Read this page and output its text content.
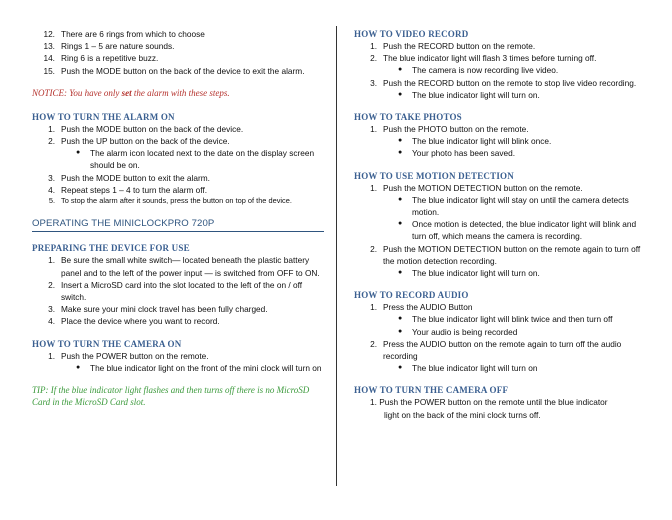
12. There are 6 rings from which to choose
13. Rings 1 – 5 are nature sounds.
14. Ring 6 is a repetitive buzz.
15. Push the MODE button on the back of the device to exit the alarm.
NOTICE: You have only set the alarm with these steps.
HOW TO TURN THE ALARM ON
1. Push the MODE button on the back of the device.
2. Push the UP button on the back of the device.
●	The alarm icon located next to the date on the display screen should be on.
3. Push the MODE button to exit the alarm.
4. Repeat steps 1 – 4 to turn the alarm off.
5. To stop the alarm after it sounds, press the button on top of the device.
OPERATING THE MINICLOCKPRO 720P
PREPARING THE DEVICE FOR USE
1. Be sure the small white switch— located beneath the plastic battery panel and to the left of the power input — is switched from OFF to ON.
2. Insert a MicroSD card into the slot located to the left of the on / off switch.
3. Make sure your mini clock travel has been fully charged.
4. Place the device where you want to record.
HOW TO TURN THE CAMERA ON
1. Push the POWER button on the remote.
●	The blue indicator light on the front of the mini clock will turn on
TIP: If the blue indicator light flashes and then turns off there is no MicroSD Card in the MicroSD Card slot.
HOW TO VIDEO RECORD
1. Push the RECORD button on the remote.
2. The blue indicator light will flash 3 times before turning off.
●	The camera is now recording live video.
3. Push the RECORD button on the remote to stop live video recording.
●	The blue indicator light will turn on.
HOW TO TAKE PHOTOS
1. Push the PHOTO button on the remote.
●	The blue indicator light will blink once.
●	Your photo has been saved.
HOW TO USE MOTION DETECTION
1. Push the MOTION DETECTION button on the remote.
●	The blue indicator light will stay on until the camera detects motion.
●	Once motion is detected, the blue indicator light will blink and turn off, which means the camera is recording.
2. Push the MOTION DETECTION button on the remote again to turn off the motion detection recording.
●	The blue indicator light will turn on.
HOW TO RECORD AUDIO
1. Press the AUDIO Button
●	The blue indicator light will blink twice and then turn off
●	Your audio is being recorded
2. Press the AUDIO button on the remote again to turn off the audio recording
●	The blue indicator light will turn on
HOW TO TURN THE CAMERA OFF
1. Push the POWER button on the remote until the blue indicator
light on the back of the mini clock turns off.
